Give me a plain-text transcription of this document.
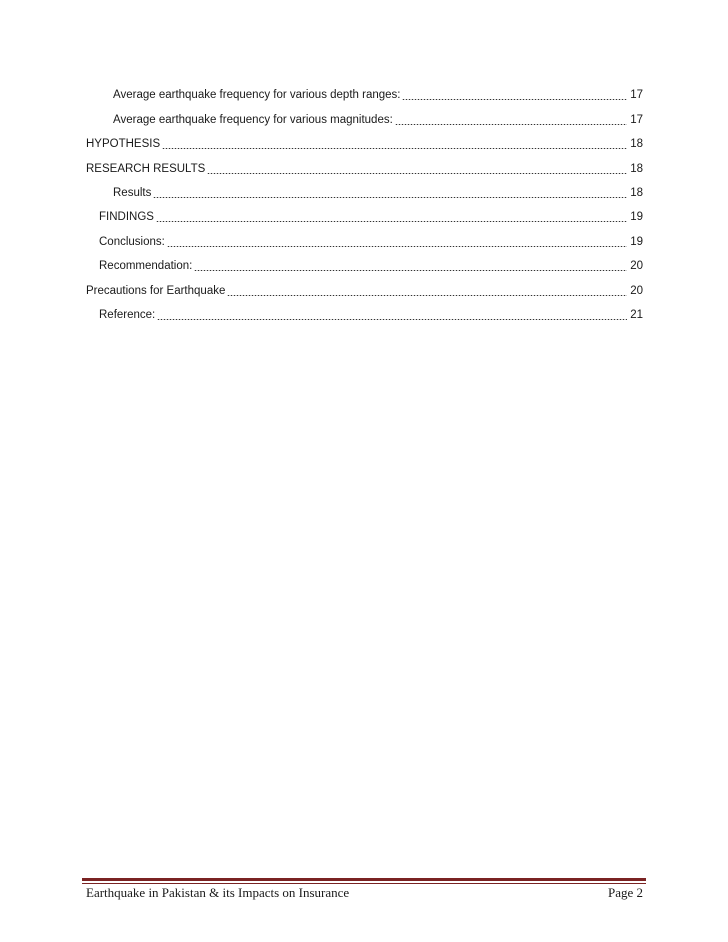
Average earthquake frequency for various depth ranges:	17
Average earthquake frequency for various magnitudes:	17
HYPOTHESIS	18
RESEARCH RESULTS	18
Results	18
FINDINGS	19
Conclusions:	19
Recommendation:	20
Precautions for Earthquake	20
Reference:	21
Earthquake in Pakistan & its Impacts on Insurance	Page 2
